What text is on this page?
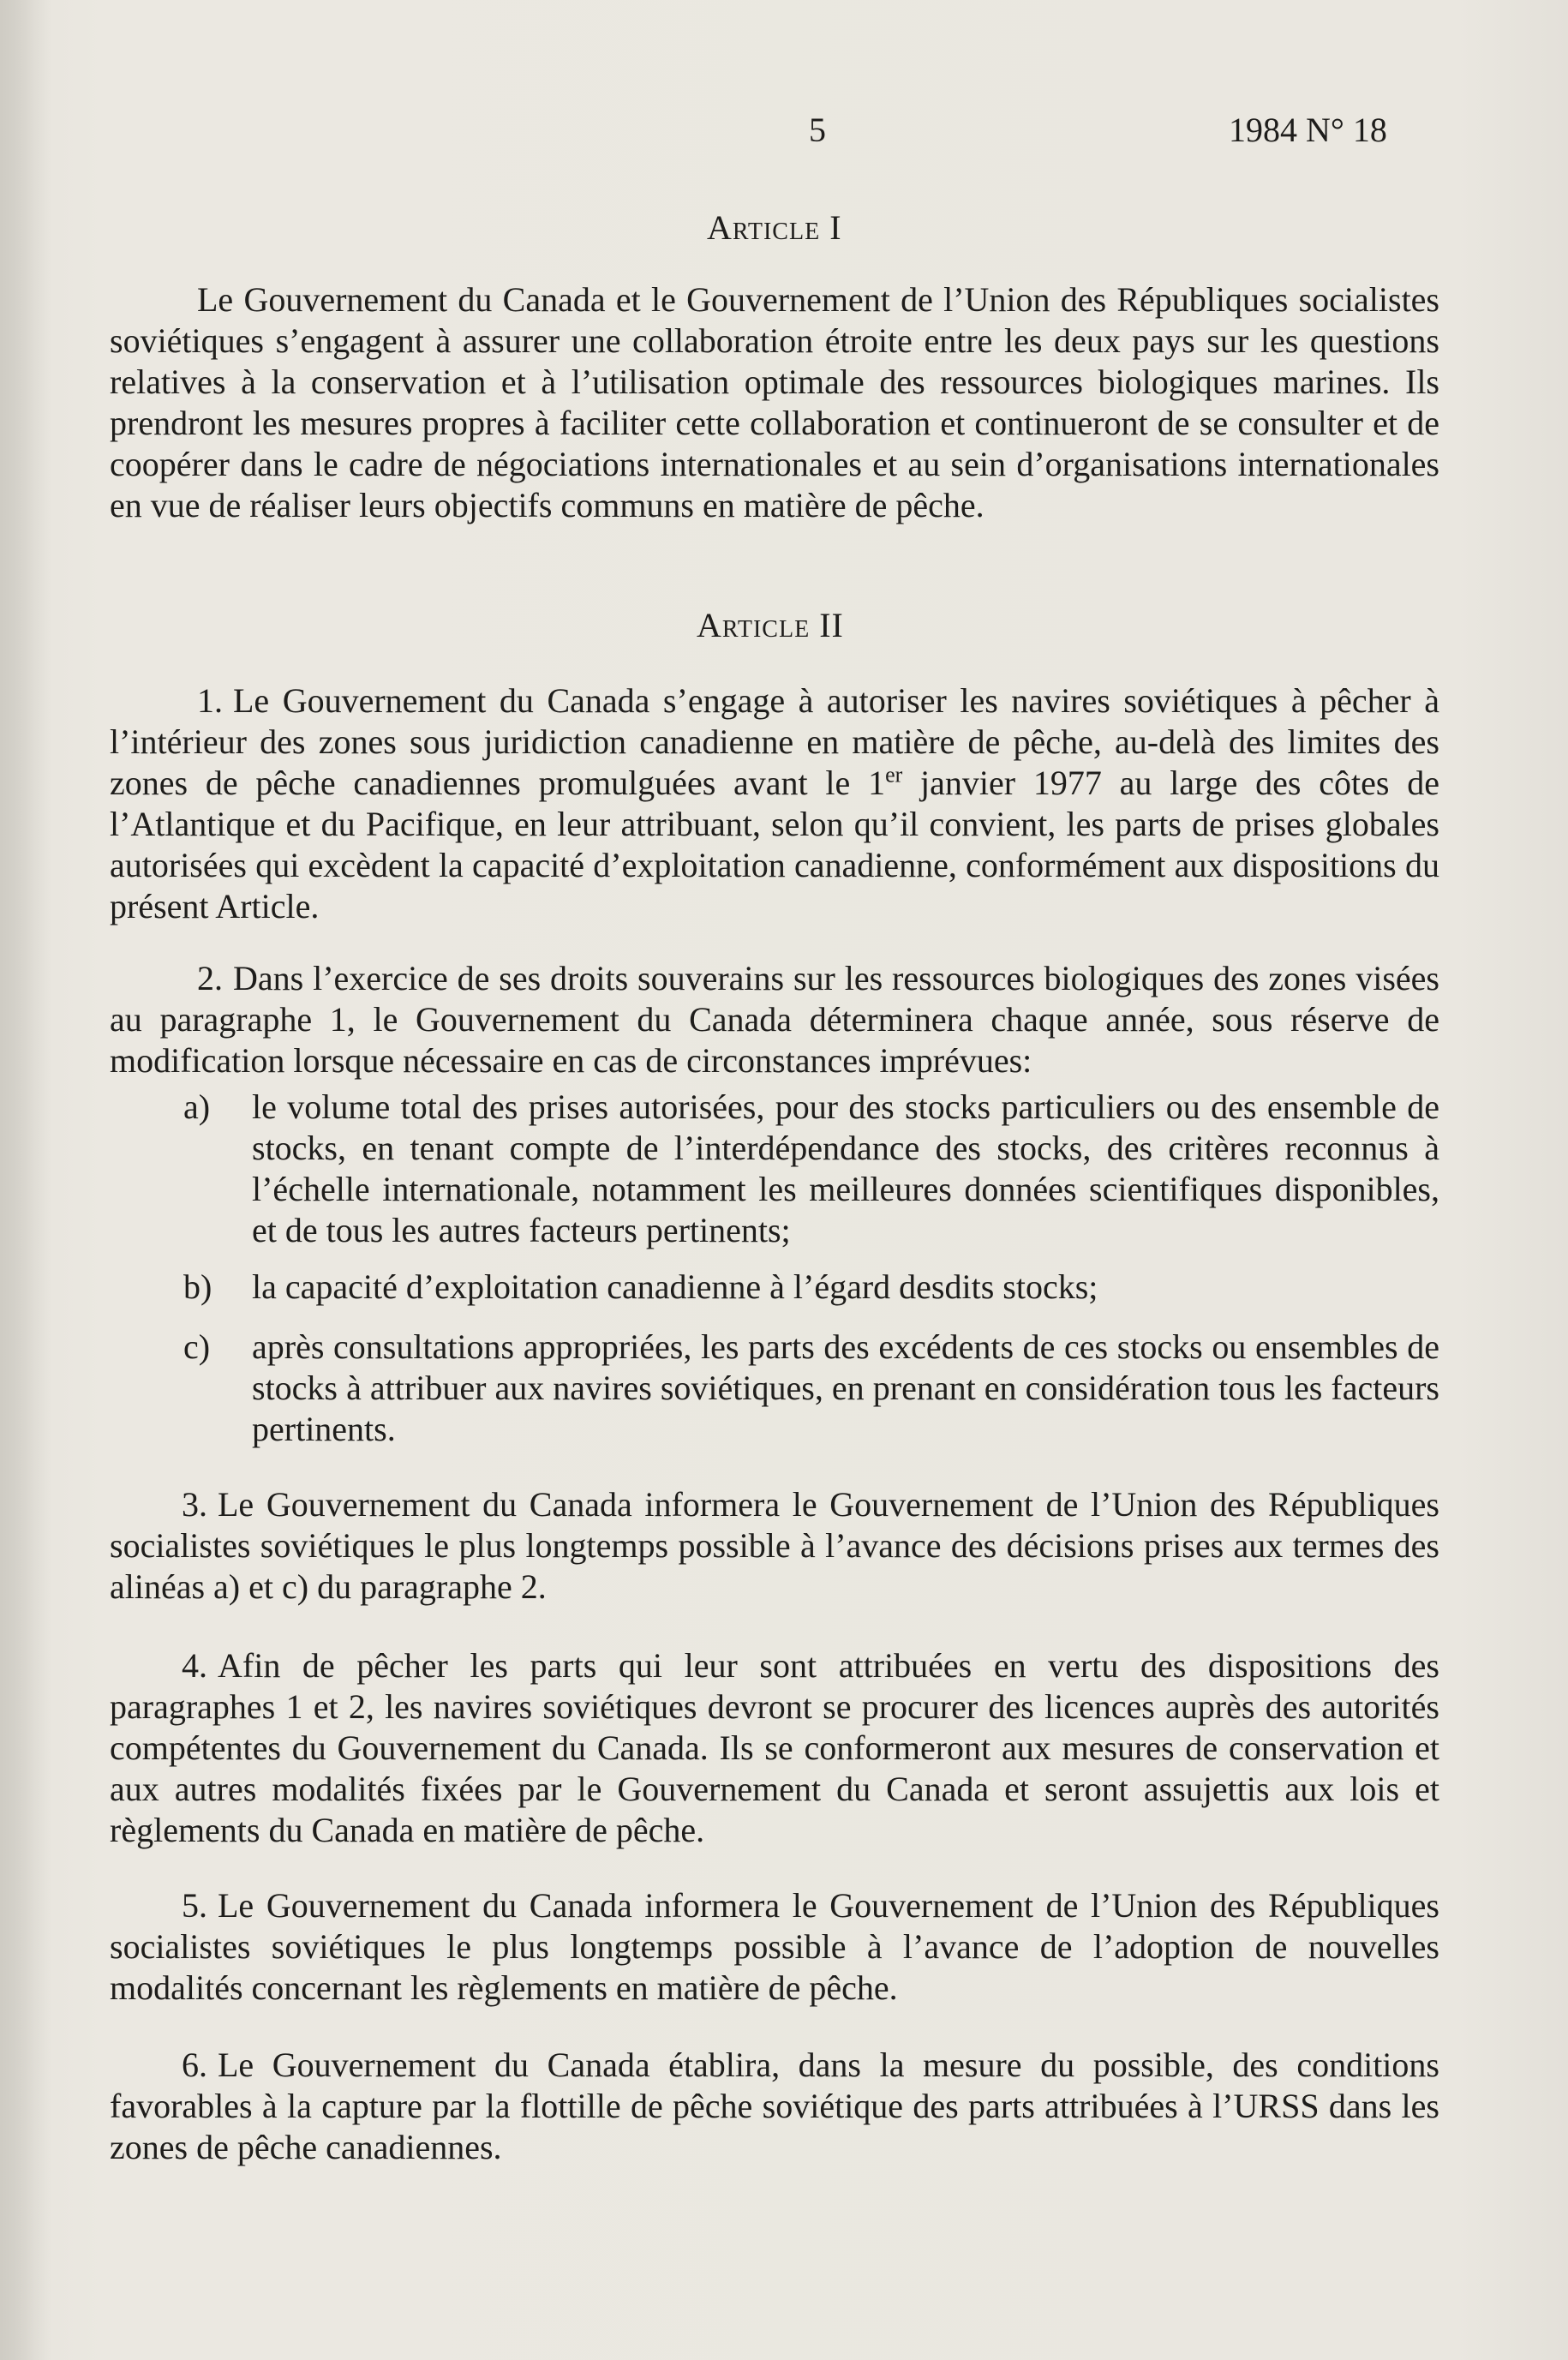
5	1984 N° 18
Article I
Le Gouvernement du Canada et le Gouvernement de l’Union des Républiques socialistes soviétiques s’engagent à assurer une collaboration étroite entre les deux pays sur les questions relatives à la conservation et à l’utilisation optimale des ressources biologiques marines. Ils prendront les mesures propres à faciliter cette collaboration et continueront de se consulter et de coopérer dans le cadre de négociations internationales et au sein d’organisations internationales en vue de réaliser leurs objectifs communs en matière de pêche.
Article II
1. Le Gouvernement du Canada s’engage à autoriser les navires soviétiques à pêcher à l’intérieur des zones sous juridiction canadienne en matière de pêche, au-delà des limites des zones de pêche canadiennes promulguées avant le 1er janvier 1977 au large des côtes de l’Atlantique et du Pacifique, en leur attribuant, selon qu’il convient, les parts de prises globales autorisées qui excèdent la capacité d’exploitation canadienne, conformément aux dispositions du présent Article.
2. Dans l’exercice de ses droits souverains sur les ressources biologiques des zones visées au paragraphe 1, le Gouvernement du Canada déterminera chaque année, sous réserve de modification lorsque nécessaire en cas de circonstances imprévues:
a)	le volume total des prises autorisées, pour des stocks particuliers ou des ensemble de stocks, en tenant compte de l’interdépendance des stocks, des critères reconnus à l’échelle internationale, notamment les meilleures données scientifiques disponibles, et de tous les autres facteurs pertinents;
b)	la capacité d’exploitation canadienne à l’égard desdits stocks;
c)	après consultations appropriées, les parts des excédents de ces stocks ou ensembles de stocks à attribuer aux navires soviétiques, en prenant en considération tous les facteurs pertinents.
3. Le Gouvernement du Canada informera le Gouvernement de l’Union des Républiques socialistes soviétiques le plus longtemps possible à l’avance des décisions prises aux termes des alinéas a) et c) du paragraphe 2.
4. Afin de pêcher les parts qui leur sont attribuées en vertu des dispositions des paragraphes 1 et 2, les navires soviétiques devront se procurer des licences auprès des autorités compétentes du Gouvernement du Canada. Ils se conformeront aux mesures de conservation et aux autres modalités fixées par le Gouvernement du Canada et seront assujettis aux lois et règlements du Canada en matière de pêche.
5. Le Gouvernement du Canada informera le Gouvernement de l’Union des Républiques socialistes soviétiques le plus longtemps possible à l’avance de l’adoption de nouvelles modalités concernant les règlements en matière de pêche.
6. Le Gouvernement du Canada établira, dans la mesure du possible, des conditions favorables à la capture par la flottille de pêche soviétique des parts attribuées à l’URSS dans les zones de pêche canadiennes.
